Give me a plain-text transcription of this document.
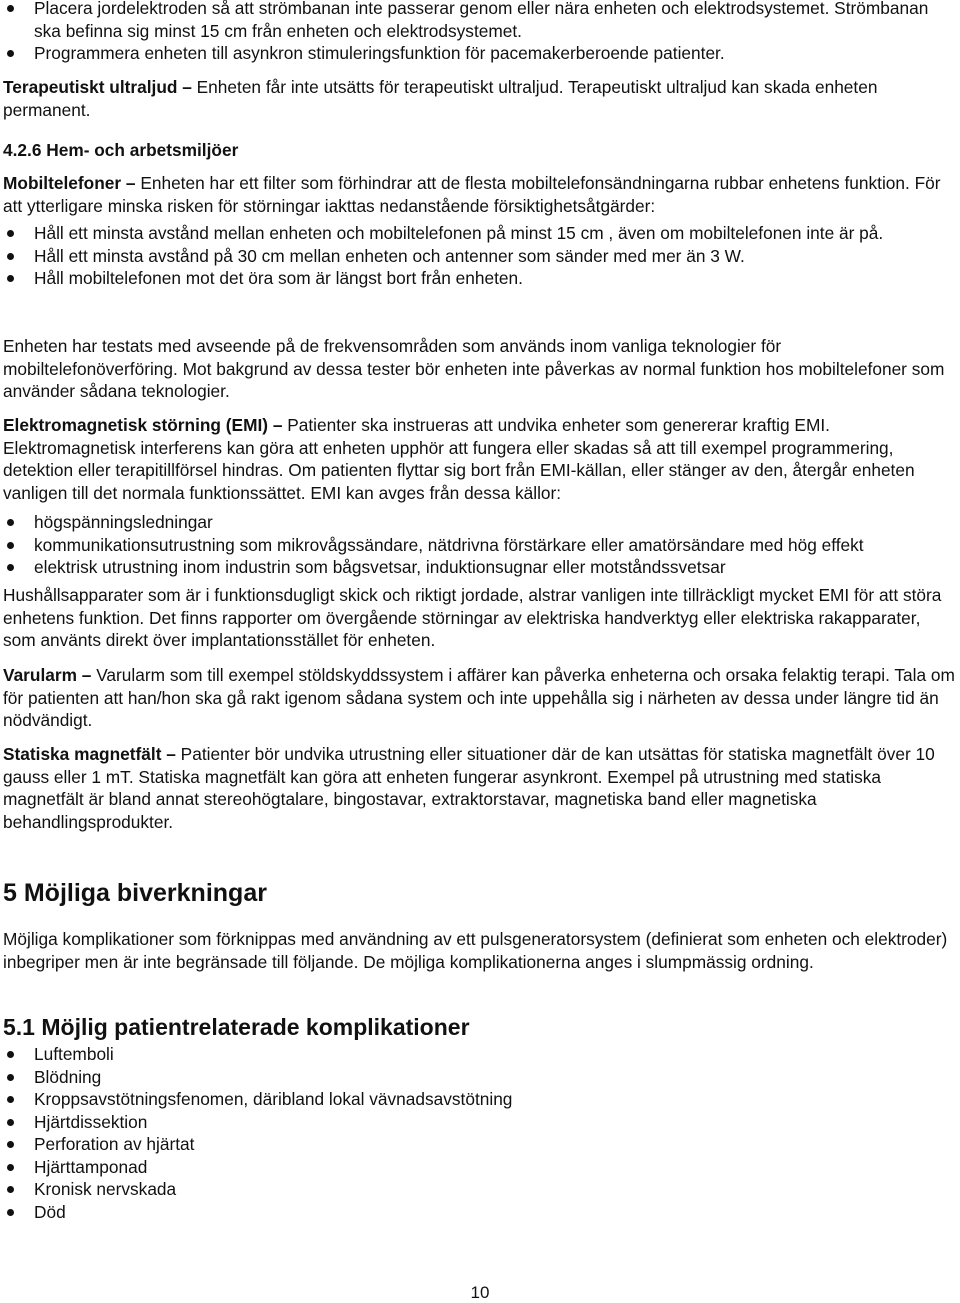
Placera jordelektroden så att strömbanan inte passerar genom eller nära enheten och elektrodsystemet. Strömbanan ska befinna sig minst 15 cm från enheten och elektrodsystemet.
Programmera enheten till asynkron stimuleringsfunktion för pacemakerberoende patienter.

Terapeutiskt ultraljud – Enheten får inte utsätts för terapeutiskt ultraljud. Terapeutiskt ultraljud kan skada enheten permanent.

4.2.6 Hem- och arbetsmiljöer

Mobiltelefoner – Enheten har ett filter som förhindrar att de flesta mobiltelefonsändningarna rubbar enhetens funktion. För att ytterligare minska risken för störningar iakttas nedanstående försiktighetsåtgärder:

Håll ett minsta avstånd mellan enheten och mobiltelefonen på minst 15 cm , även om mobiltelefonen inte är på.
Håll ett minsta avstånd på 30 cm mellan enheten och antenner som sänder med mer än 3 W.
Håll mobiltelefonen mot det öra som är längst bort från enheten.

Enheten har testats med avseende på de frekvensområden som används inom vanliga teknologier för mobiltelefonöverföring. Mot bakgrund av dessa tester bör enheten inte påverkas av normal funktion hos mobiltelefoner som använder sådana teknologier.

Elektromagnetisk störning (EMI) – Patienter ska instrueras att undvika enheter som genererar kraftig EMI. Elektromagnetisk interferens kan göra att enheten upphör att fungera eller skadas så att till exempel programmering, detektion eller terapitillförsel hindras. Om patienten flyttar sig bort från EMI-källan, eller stänger av den, återgår enheten vanligen till det normala funktionssättet. EMI kan avges från dessa källor:

högspänningsledningar
kommunikationsutrustning som mikrovågssändare, nätdrivna förstärkare eller amatörsändare med hög effekt
elektrisk utrustning inom industrin som bågsvetsar, induktionsugnar eller motståndssvetsar

Hushållsapparater som är i funktionsdugligt skick och riktigt jordade, alstrar vanligen inte tillräckligt mycket EMI för att störa enhetens funktion. Det finns rapporter om övergående störningar av elektriska handverktyg eller elektriska rakapparater, som använts direkt över implantationsstället för enheten.

Varularm – Varularm som till exempel stöldskyddssystem i affärer kan påverka enheterna och orsaka felaktig terapi. Tala om för patienten att han/hon ska gå rakt igenom sådana system och inte uppehålla sig i närheten av dessa under längre tid än nödvändigt.

Statiska magnetfält – Patienter bör undvika utrustning eller situationer där de kan utsättas för statiska magnetfält över 10 gauss eller 1 mT. Statiska magnetfält kan göra att enheten fungerar asynkront. Exempel på utrustning med statiska magnetfält är bland annat stereohögtalare, bingostavar, extraktorstavar, magnetiska band eller magnetiska behandlingsprodukter.

5 Möjliga biverkningar

Möjliga komplikationer som förknippas med användning av ett pulsgeneratorsystem (definierat som enheten och elektroder) inbegriper men är inte begränsade till följande. De möjliga komplikationerna anges i slumpmässig ordning.

5.1 Möjlig patientrelaterade komplikationer

Luftemboli
Blödning
Kroppsavstötningsfenomen, däribland lokal vävnadsavstötning
Hjärtdissektion
Perforation av hjärtat
Hjärttamponad
Kronisk nervskada
Död
10
